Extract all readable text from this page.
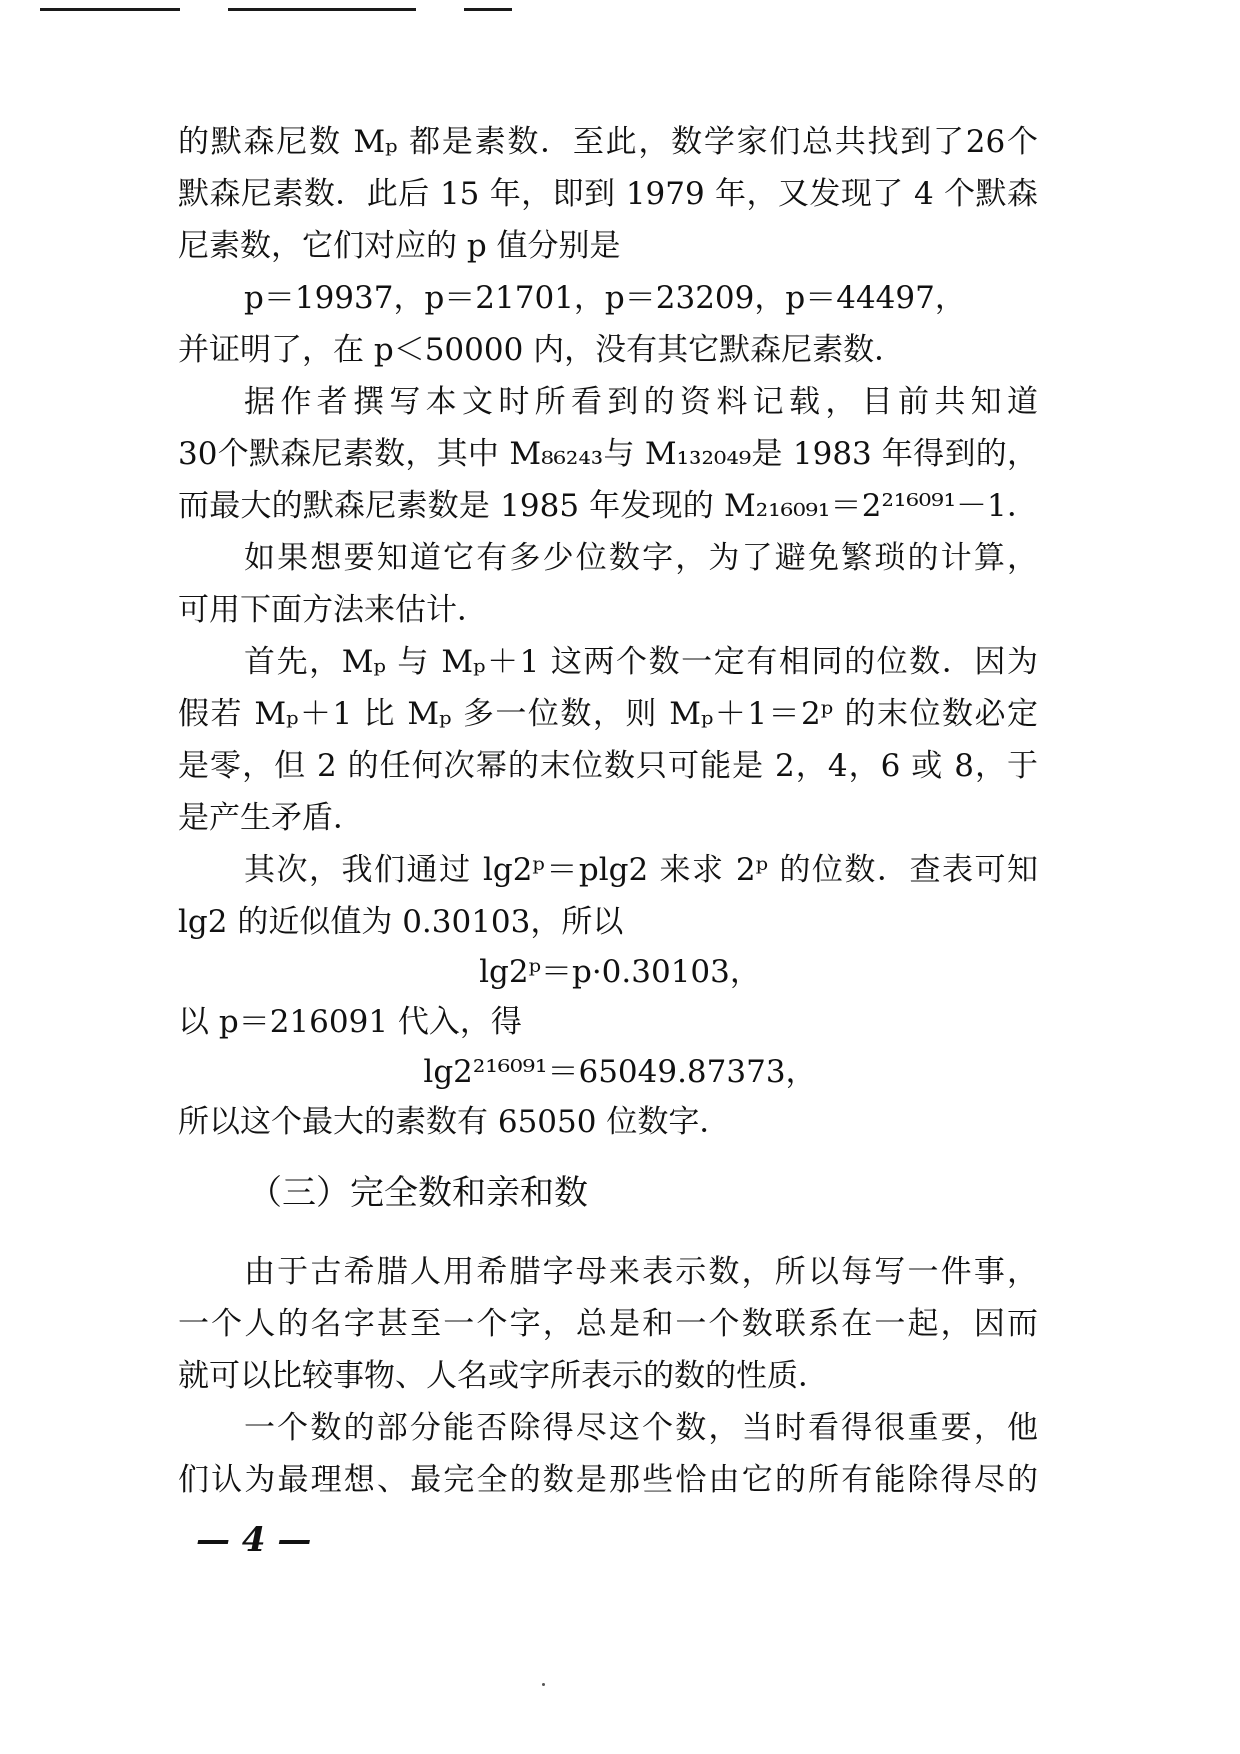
的默森尼数 Mₚ 都是素数．至此，数学家们总共找到了26个
默森尼素数．此后 15 年，即到 1979 年，又发现了 4 个默森
尼素数，它们对应的 p 值分别是
p＝19937，p＝21701，p＝23209，p＝44497，
并证明了，在 p＜50000 内，没有其它默森尼素数．
据作者撰写本文时所看到的资料记载，目前共知道
30个默森尼素数，其中 M₈₆₂₄₃与 M₁₃₂₀₄₉是 1983 年得到的，
而最大的默森尼素数是 1985 年发现的 M₂₁₆₀₉₁＝2²¹⁶⁰⁹¹－1．
如果想要知道它有多少位数字，为了避免繁琐的计算，
可用下面方法来估计．
首先，Mₚ 与 Mₚ＋1 这两个数一定有相同的位数．因为
假若 Mₚ＋1 比 Mₚ 多一位数，则 Mₚ＋1＝2ᵖ 的末位数必定
是零，但 2 的任何次幂的末位数只可能是 2，4，6 或 8，于
是产生矛盾．
其次，我们通过 lg2ᵖ＝plg2 来求 2ᵖ 的位数．查表可知
lg2 的近似值为 0.30103，所以
lg2ᵖ＝p·0.30103，
以 p＝216091 代入，得
lg2²¹⁶⁰⁹¹＝65049.87373，
所以这个最大的素数有 65050 位数字．
（三）完全数和亲和数
由于古希腊人用希腊字母来表示数，所以每写一件事，
一个人的名字甚至一个字，总是和一个数联系在一起，因而
就可以比较事物、人名或字所表示的数的性质．
一个数的部分能否除得尽这个数，当时看得很重要，他
们认为最理想、最完全的数是那些恰由它的所有能除得尽的
— 4 —
